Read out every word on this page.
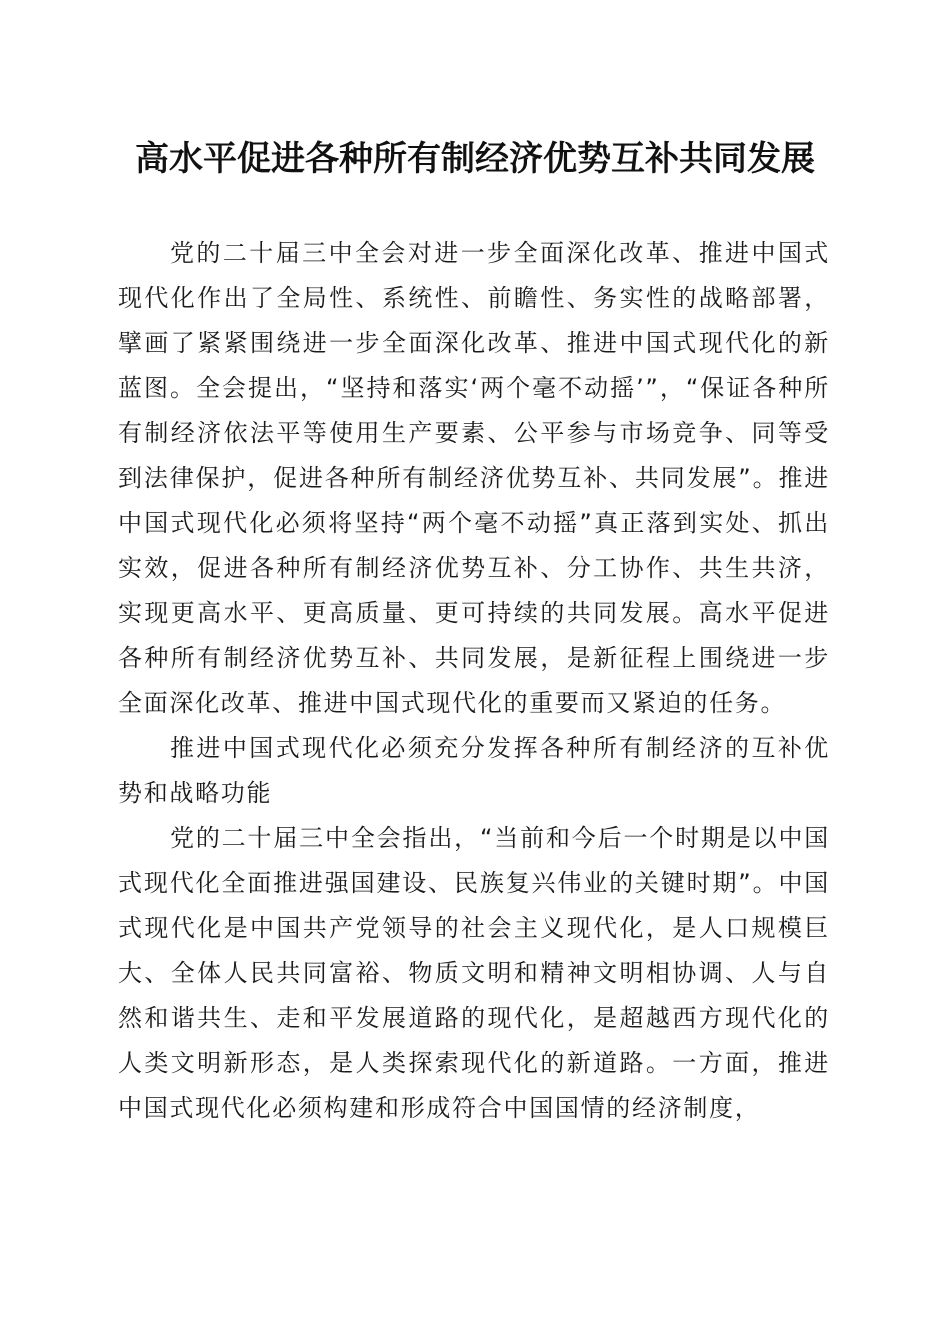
高水平促进各种所有制经济优势互补共同发展

党的二十届三中全会对进一步全面深化改革、推进中国式现代化作出了全局性、系统性、前瞻性、务实性的战略部署，擘画了紧紧围绕进一步全面深化改革、推进中国式现代化的新蓝图。全会提出，“坚持和落实‘两个毫不动摇’”，“保证各种所有制经济依法平等使用生产要素、公平参与市场竞争、同等受到法律保护，促进各种所有制经济优势互补、共同发展”。推进中国式现代化必须将坚持“两个毫不动摇”真正落到实处、抓出实效，促进各种所有制经济优势互补、分工协作、共生共济，实现更高水平、更高质量、更可持续的共同发展。高水平促进各种所有制经济优势互补、共同发展，是新征程上围绕进一步全面深化改革、推进中国式现代化的重要而又紧迫的任务。

推进中国式现代化必须充分发挥各种所有制经济的互补优势和战略功能

党的二十届三中全会指出，“当前和今后一个时期是以中国式现代化全面推进强国建设、民族复兴伟业的关键时期”。中国式现代化是中国共产党领导的社会主义现代化，是人口规模巨大、全体人民共同富裕、物质文明和精神文明相协调、人与自然和谐共生、走和平发展道路的现代化，是超越西方现代化的人类文明新形态，是人类探索现代化的新道路。一方面，推进中国式现代化必须构建和形成符合中国国情的经济制度，
